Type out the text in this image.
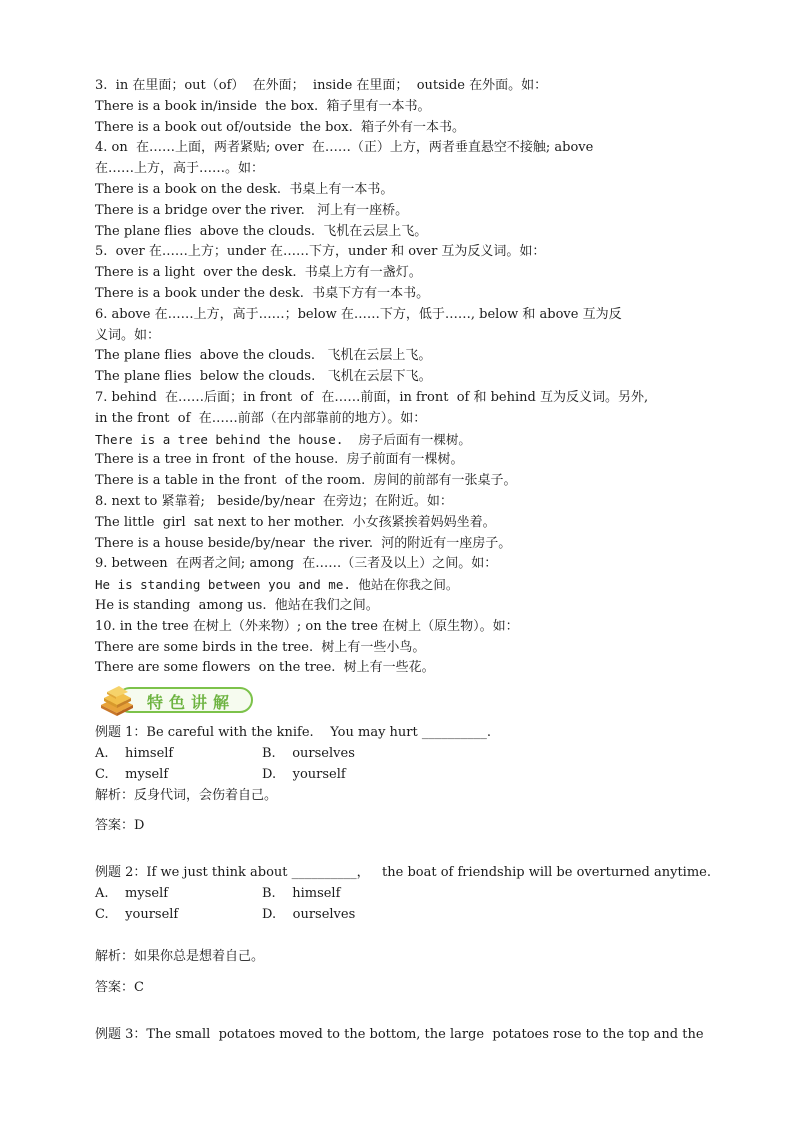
3.  in 在里面；out（of）  在外面；  inside 在里面；  outside 在外面。如：
There is a book in/inside  the box.  箱子里有一本书。
There is a book out of/outside  the box.  箱子外有一本书。
4. on  在……上面，两者紧贴; over  在……（正）上方，两者垂直悬空不接触; above
在……上方，高于……。如：
There is a book on the desk.  书桌上有一本书。
There is a bridge over the river.   河上有一座桥。
The plane flies  above the clouds.  飞机在云层上飞。
5.  over 在……上方；under 在……下方，under 和 over 互为反义词。如：
There is a light  over the desk.  书桌上方有一盏灯。
There is a book under the desk.  书桌下方有一本书。
6. above 在……上方，高于……；below 在……下方，低于……, below 和 above 互为反
义词。如：
The plane flies  above the clouds.   飞机在云层上飞。
The plane flies  below the clouds.   飞机在云层下飞。
7. behind  在……后面；in front  of  在……前面，in front  of 和 behind 互为反义词。另外,
in the front  of  在……前部（在内部靠前的地方）。如：
There is a tree behind the house.  房子后面有一棵树。
There is a tree in front  of the house.  房子前面有一棵树。
There is a table in the front  of the room.  房间的前部有一张桌子。
8. next to 紧靠着;   beside/by/near  在旁边；在附近。如：
The little  girl  sat next to her mother.  小女孩紧挨着妈妈坐着。
There is a house beside/by/near  the river.  河的附近有一座房子。
9. between  在两者之间; among  在……（三者及以上）之间。如：
He is standing between you and me. 他站在你我之间。
He is standing  among us.  他站在我们之间。
10. in the tree 在树上（外来物）; on the tree 在树上（原生物）。如：
There are some birds in the tree.  树上有一些小鸟。
There are some flowers  on the tree.  树上有一些花。
特色讲解
例题 1：Be careful with the knife.    You may hurt __________.
A.    himself	B.    ourselves
C.    myself	D.    yourself
解析：反身代词，会伤着自己。
答案：D
例题 2：If we just think about __________，   the boat of friendship will be overturned anytime.
A.    myself	B.    himself
C.    yourself	D.    ourselves
解析：如果你总是想着自己。
答案：C
例题 3：The small  potatoes moved to the bottom, the large  potatoes rose to the top and the
